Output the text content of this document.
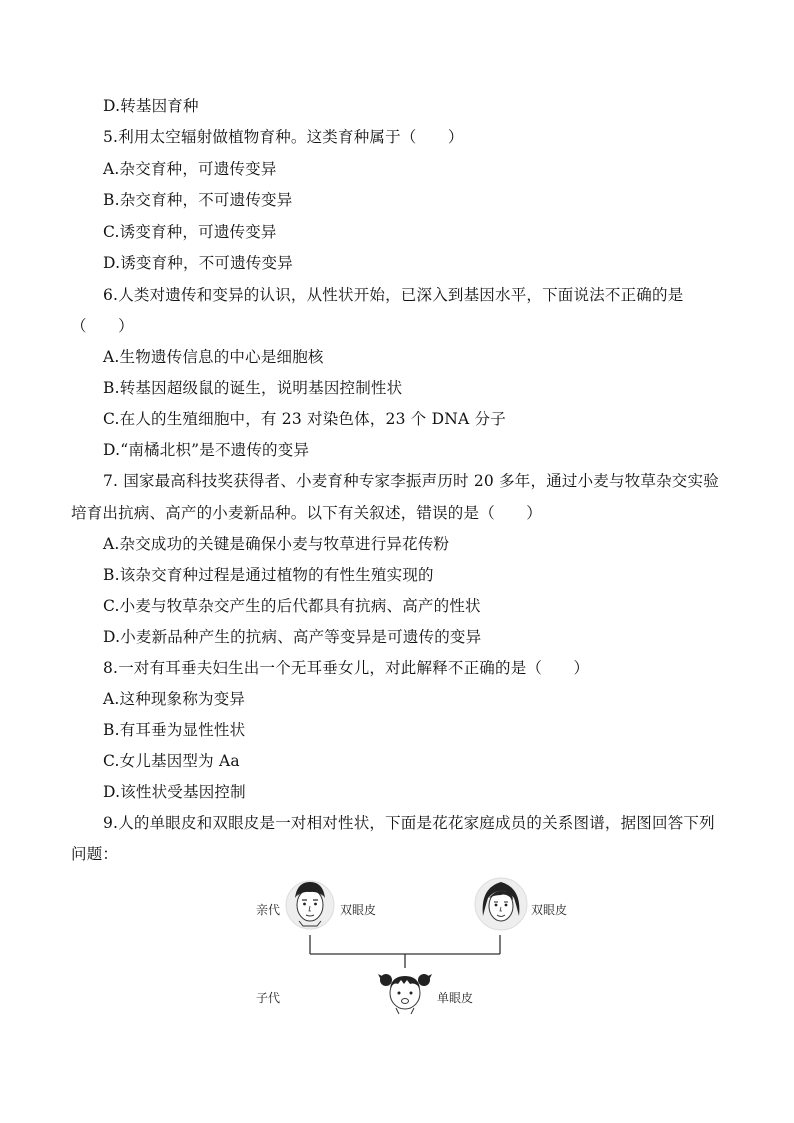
D.转基因育种
5.利用太空辐射做植物育种。这类育种属于（　　）
A.杂交育种，可遗传变异
B.杂交育种，不可遗传变异
C.诱变育种，可遗传变异
D.诱变育种，不可遗传变异
6.人类对遗传和变异的认识，从性状开始，已深入到基因水平，下面说法不正确的是
（　　）
A.生物遗传信息的中心是细胞核
B.转基因超级鼠的诞生，说明基因控制性状
C.在人的生殖细胞中，有 23 对染色体，23 个 DNA 分子
D.“南橘北枳”是不遗传的变异
7. 国家最高科技奖获得者、小麦育种专家李振声历时 20 多年，通过小麦与牧草杂交实验
培育出抗病、高产的小麦新品种。以下有关叙述，错误的是（　　）
A.杂交成功的关键是确保小麦与牧草进行异花传粉
B.该杂交育种过程是通过植物的有性生殖实现的
C.小麦与牧草杂交产生的后代都具有抗病、高产的性状
D.小麦新品种产生的抗病、高产等变异是可遗传的变异
8.一对有耳垂夫妇生出一个无耳垂女儿，对此解释不正确的是（　　）
A.这种现象称为变异
B.有耳垂为显性性状
C.女儿基因型为 Aa
D.该性状受基因控制
9.人的单眼皮和双眼皮是一对相对性状，下面是花花家庭成员的关系图谱，据图回答下列
问题：
亲代	双眼皮	双眼皮
子代	单眼皮
